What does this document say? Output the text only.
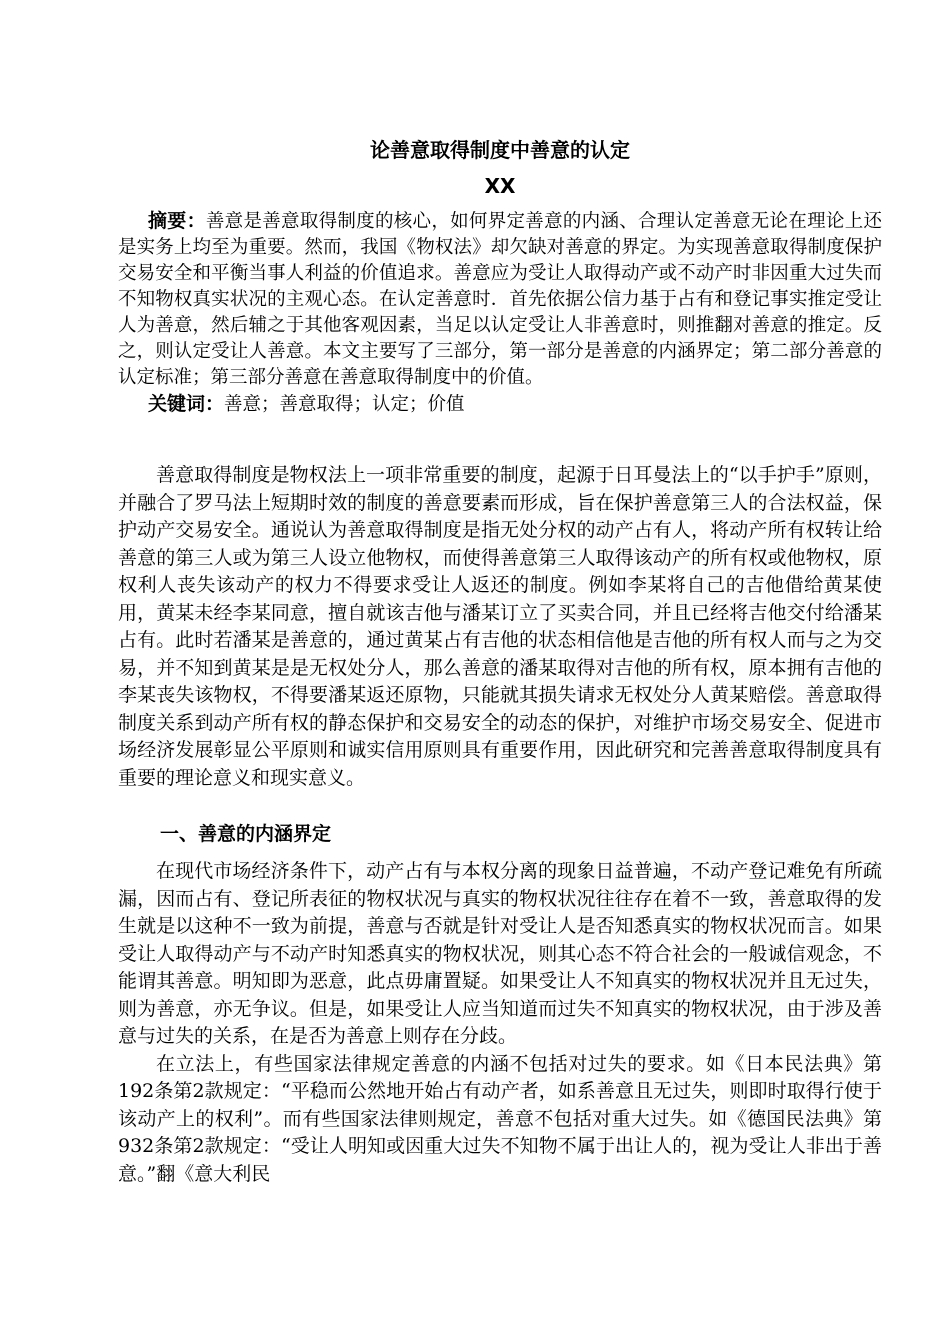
论善意取得制度中善意的认定
XX

摘要：善意是善意取得制度的核心，如何界定善意的内涵、合理认定善意无论在理论上还是实务上均至为重要。然而，我国《物权法》却欠缺对善意的界定。为实现善意取得制度保护交易安全和平衡当事人利益的价值追求。善意应为受让人取得动产或不动产时非因重大过失而不知物权真实状况的主观心态。在认定善意时．首先依据公信力基于占有和登记事实推定受让人为善意，然后辅之于其他客观因素，当足以认定受让人非善意时，则推翻对善意的推定。反之，则认定受让人善意。本文主要写了三部分，第一部分是善意的内涵界定；第二部分善意的认定标准；第三部分善意在善意取得制度中的价值。

关键词：善意；善意取得；认定；价值

善意取得制度是物权法上一项非常重要的制度，起源于日耳曼法上的“以手护手”原则，并融合了罗马法上短期时效的制度的善意要素而形成，旨在保护善意第三人的合法权益，保护动产交易安全。通说认为善意取得制度是指无处分权的动产占有人，将动产所有权转让给善意的第三人或为第三人设立他物权，而使得善意第三人取得该动产的所有权或他物权，原权利人丧失该动产的权力不得要求受让人返还的制度。例如李某将自己的吉他借给黄某使用，黄某未经李某同意，擅自就该吉他与潘某订立了买卖合同，并且已经将吉他交付给潘某占有。此时若潘某是善意的，通过黄某占有吉他的状态相信他是吉他的所有权人而与之为交易，并不知到黄某是是无权处分人，那么善意的潘某取得对吉他的所有权，原本拥有吉他的李某丧失该物权，不得要潘某返还原物，只能就其损失请求无权处分人黄某赔偿。善意取得制度关系到动产所有权的静态保护和交易安全的动态的保护，对维护市场交易安全、促进市场经济发展彰显公平原则和诚实信用原则具有重要作用，因此研究和完善善意取得制度具有重要的理论意义和现实意义。

一、善意的内涵界定

在现代市场经济条件下，动产占有与本权分离的现象日益普遍，不动产登记难免有所疏漏，因而占有、登记所表征的物权状况与真实的物权状况往往存在着不一致，善意取得的发生就是以这种不一致为前提，善意与否就是针对受让人是否知悉真实的物权状况而言。如果受让人取得动产与不动产时知悉真实的物权状况，则其心态不符合社会的一般诚信观念，不能谓其善意。明知即为恶意，此点毋庸置疑。如果受让人不知真实的物权状况并且无过失，则为善意，亦无争议。但是，如果受让人应当知道而过失不知真实的物权状况，由于涉及善意与过失的关系，在是否为善意上则存在分歧。

在立法上，有些国家法律规定善意的内涵不包括对过失的要求。如《日本民法典》第192条第2款规定：“平稳而公然地开始占有动产者，如系善意且无过失，则即时取得行使于该动产上的权利”。而有些国家法律则规定，善意不包括对重大过失。如《德国民法典》第932条第2款规定：“受让人明知或因重大过失不知物不属于出让人的，视为受让人非出于善意。”翻《意大利民
